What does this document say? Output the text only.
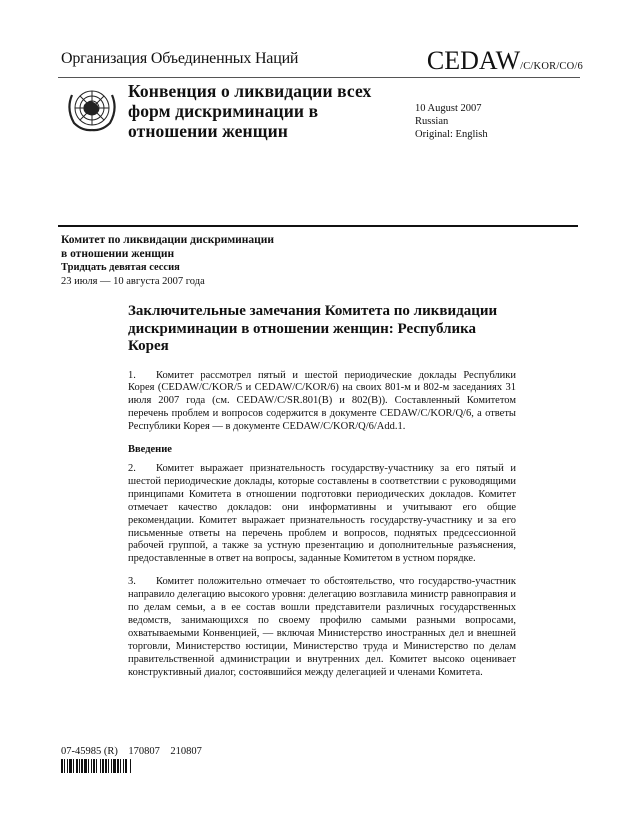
Организация Объединенных Наций	CEDAW/C/KOR/CO/6
Конвенция о ликвидации всех
форм дискриминации в
отношении женщин
10 August 2007
Russian
Original: English
Комитет по ликвидации дискриминации
в отношении женщин
Тридцать девятая сессия
23 июля — 10 августа 2007 года
Заключительные замечания Комитета по ликвидации дискриминации в отношении женщин: Республика Корея

1. Комитет рассмотрел пятый и шестой периодические доклады Республики Корея (CEDAW/C/KOR/5 и CEDAW/C/KOR/6) на своих 801-м и 802-м заседаниях 31 июля 2007 года (см. CEDAW/C/SR.801(B) и 802(B)). Составленный Комитетом перечень проблем и вопросов содержится в документе CEDAW/C/KOR/Q/6, а ответы Республики Корея — в документе CEDAW/C/KOR/Q/6/Add.1.

Введение

2. Комитет выражает признательность государству-участнику за его пятый и шестой периодические доклады, которые составлены в соответствии с руководящими принципами Комитета в отношении подготовки периодических докладов. Комитет отмечает качество докладов: они информативны и учитывают его общие рекомендации. Комитет выражает признательность государству-участнику и за его письменные ответы на перечень проблем и вопросов, поднятых предсессионной рабочей группой, а также за устную презентацию и дополнительные разъяснения, предоставленные в ответ на вопросы, заданные Комитетом в устном порядке.

3. Комитет положительно отмечает то обстоятельство, что государство-участник направило делегацию высокого уровня: делегацию возглавила министр равноправия и по делам семьи, а в ее состав вошли представители различных государственных ведомств, занимающихся по своему профилю самыми разными вопросами, охватываемыми Конвенцией, — включая Министерство иностранных дел и внешней торговли, Министерство юстиции, Министерство труда и Министерство по делам правительственной администрации и внутренних дел. Комитет высоко оценивает конструктивный диалог, состоявшийся между делегацией и членами Комитета.

07-45985 (R)    170807    210807
